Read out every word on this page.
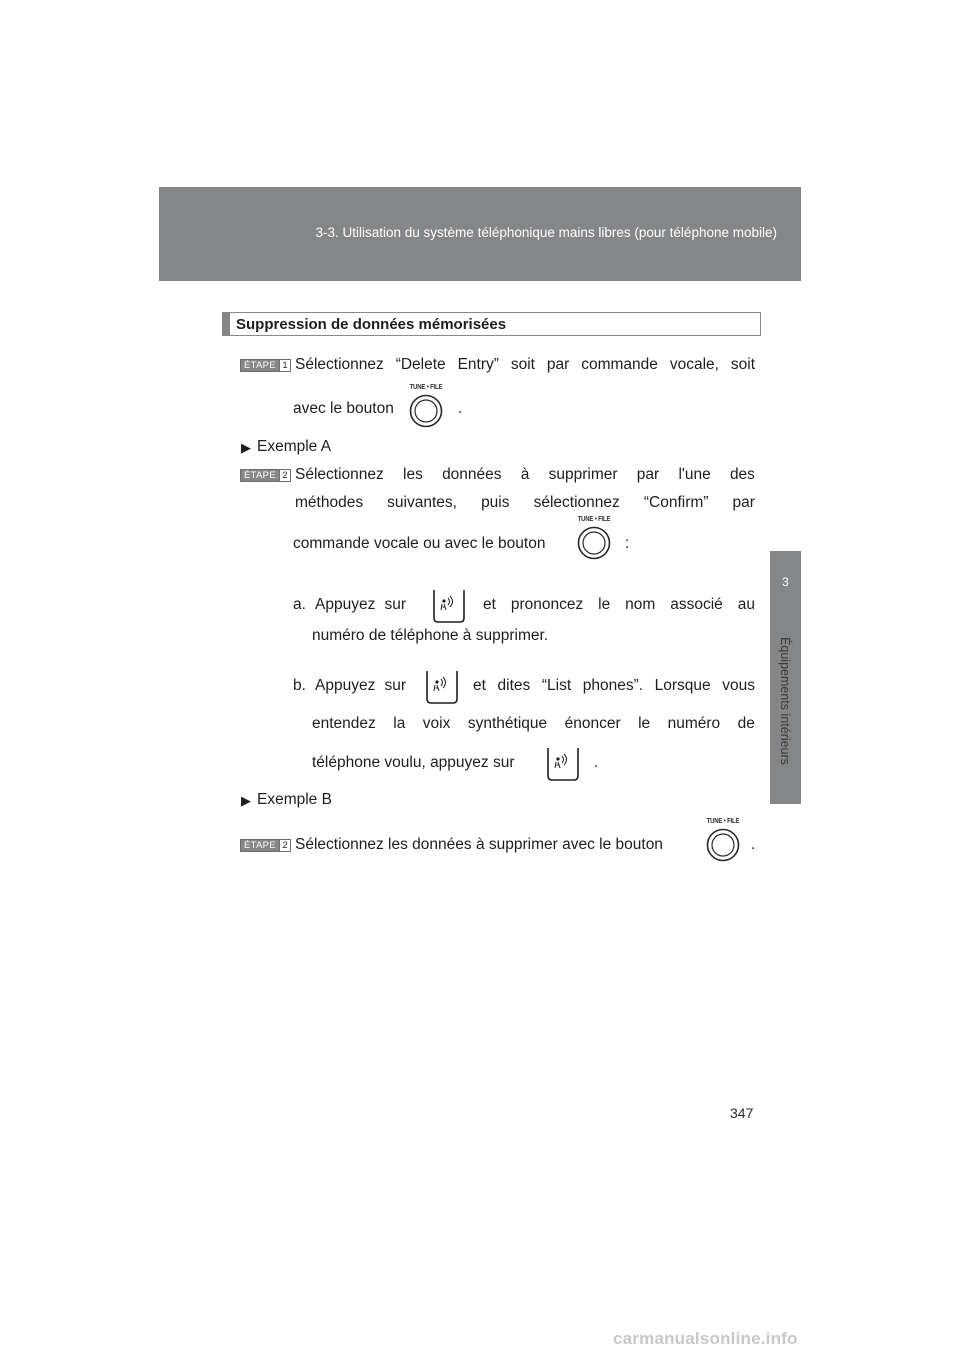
3-3. Utilisation du système téléphonique mains libres (pour téléphone mobile)
3
Équipements intérieurs
Suppression de données mémorisées
ÉTAPE 1 Sélectionnez “Delete Entry” soit par commande vocale, soit
avec le bouton
TUNE • FILE
.
▶ Exemple A
ÉTAPE 2 Sélectionnez les données à supprimer par l'une des
méthodes suivantes, puis sélectionnez “Confirm” par
commande vocale ou avec le bouton
TUNE • FILE
:
a. Appuyez sur	et prononcez le nom associé au
numéro de téléphone à supprimer.
b. Appuyez sur	et dites “List phones”. Lorsque vous
entendez la voix synthétique énoncer le numéro de
téléphone voulu, appuyez sur	.
▶ Exemple B
ÉTAPE 2 Sélectionnez les données à supprimer avec le bouton
TUNE • FILE
.
347
carmanualsonline.info
